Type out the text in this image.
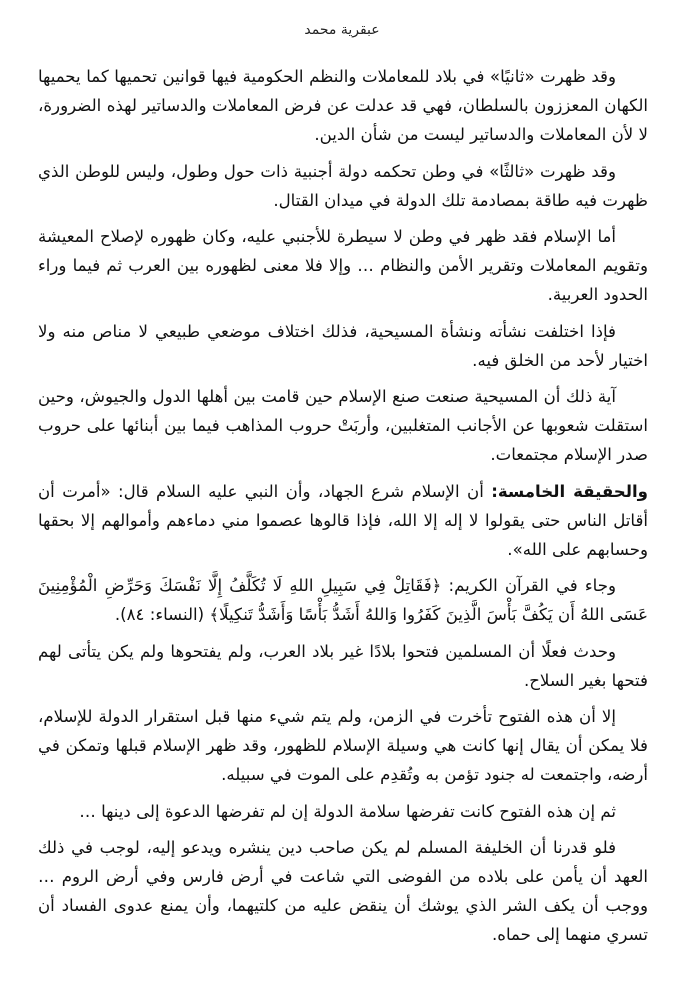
عبقرية محمد

وقد ظهرت «ثانيًا» في بلاد للمعاملات والنظم الحكومية فيها قوانين تحميها كما يحميها الكهان المعززون بالسلطان، فهي قد عدلت عن فرض المعاملات والدساتير لهذه الضرورة، لا لأن المعاملات والدساتير ليست من شأن الدين.

وقد ظهرت «ثالثًا» في وطن تحكمه دولة أجنبية ذات حول وطول، وليس للوطن الذي ظهرت فيه طاقة بمصادمة تلك الدولة في ميدان القتال.

أما الإسلام فقد ظهر في وطن لا سيطرة للأجنبي عليه، وكان ظهوره لإصلاح المعيشة وتقويم المعاملات وتقرير الأمن والنظام … وإلا فلا معنى لظهوره بين العرب ثم فيما وراء الحدود العربية.

فإذا اختلفت نشأته ونشأة المسيحية، فذلك اختلاف موضعي طبيعي لا مناص منه ولا اختيار لأحد من الخلق فيه.

آية ذلك أن المسيحية صنعت صنع الإسلام حين قامت بين أهلها الدول والجيوش، وحين استقلت شعوبها عن الأجانب المتغلبين، وأربَتْ حروب المذاهب فيما بين أبنائها على حروب صدر الإسلام مجتمعات.

والحقيقة الخامسة: أن الإسلام شرع الجهاد، وأن النبي عليه السلام قال: «أمرت أن أقاتل الناس حتى يقولوا لا إله إلا الله، فإذا قالوها عصموا مني دماءهم وأموالهم إلا بحقها وحسابهم على الله».

وجاء في القرآن الكريم: ﴿فَقَاتِلْ فِي سَبِيلِ اللهِ لَا تُكَلَّفُ إِلَّا نَفْسَكَ وَحَرِّضِ الْمُؤْمِنِينَ عَسَى اللهُ أَن يَكُفَّ بَأْسَ الَّذِينَ كَفَرُوا وَاللهُ أَشَدُّ بَأْسًا وَأَشَدُّ تَنكِيلًا﴾ (النساء: ٨٤).

وحدث فعلًا أن المسلمين فتحوا بلادًا غير بلاد العرب، ولم يفتحوها ولم يكن يتأتى لهم فتحها بغير السلاح.

إلا أن هذه الفتوح تأخرت في الزمن، ولم يتم شيء منها قبل استقرار الدولة للإسلام، فلا يمكن أن يقال إنها كانت هي وسيلة الإسلام للظهور، وقد ظهر الإسلام قبلها وتمكن في أرضه، واجتمعت له جنود تؤمن به وتُقدِم على الموت في سبيله.

ثم إن هذه الفتوح كانت تفرضها سلامة الدولة إن لم تفرضها الدعوة إلى دينها …

فلو قدرنا أن الخليفة المسلم لم يكن صاحب دين ينشره ويدعو إليه، لوجب في ذلك العهد أن يأمن على بلاده من الفوضى التي شاعت في أرض فارس وفي أرض الروم … ووجب أن يكف الشر الذي يوشك أن ينقض عليه من كلتيهما، وأن يمنع عدوى الفساد أن تسري منهما إلى حماه.
